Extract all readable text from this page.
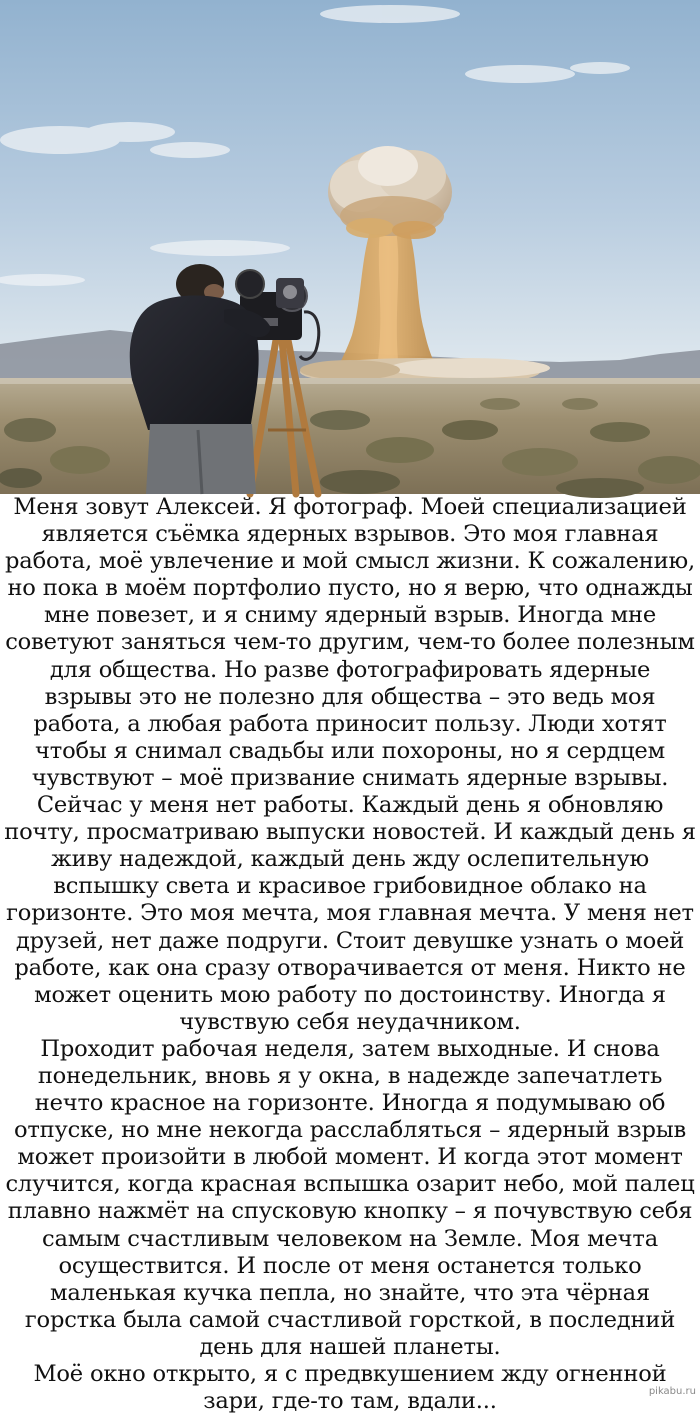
Меня зовут Алексей. Я фотограф. Моей специализацией является съёмка ядерных взрывов. Это моя главная работа, моё увлечение и мой смысл жизни. К сожалению, но пока в моём портфолио пусто, но я верю, что однажды мне повезет, и я сниму ядерный взрыв. Иногда мне советуют заняться чем-то другим, чем-то более полезным для общества. Но разве фотографировать ядерные взрывы это не полезно для общества – это ведь моя работа, а любая работа приносит пользу. Люди хотят чтобы я снимал свадьбы или похороны, но я сердцем чувствуют – моё призвание снимать ядерные взрывы. Сейчас у меня нет работы. Каждый день я обновляю почту, просматриваю выпуски новостей. И каждый день я живу надеждой, каждый день жду ослепительную вспышку света и красивое грибовидное облако на горизонте. Это моя мечта, моя главная мечта. У меня нет друзей, нет даже подруги. Стоит девушке узнать о моей работе, как она сразу отворачивается от меня. Никто не может оценить мою работу по достоинству. Иногда я чувствую себя неудачником.

Проходит рабочая неделя, затем выходные. И снова понедельник, вновь я у окна, в надежде запечатлеть нечто красное на горизонте. Иногда я подумываю об отпуске, но мне некогда расслабляться – ядерный взрыв может произойти в любой момент. И когда этот момент случится, когда красная вспышка озарит небо, мой палец плавно нажмёт на спусковую кнопку – я почувствую себя самым счастливым человеком на Земле. Моя мечта осуществится. И после от меня останется только маленькая кучка пепла, но знайте, что эта чёрная горстка была самой счастливой горсткой, в последний день для нашей планеты.

Моё окно открыто, я с предвкушением жду огненной зари, где-то там, вдали...	pikabu.ru
